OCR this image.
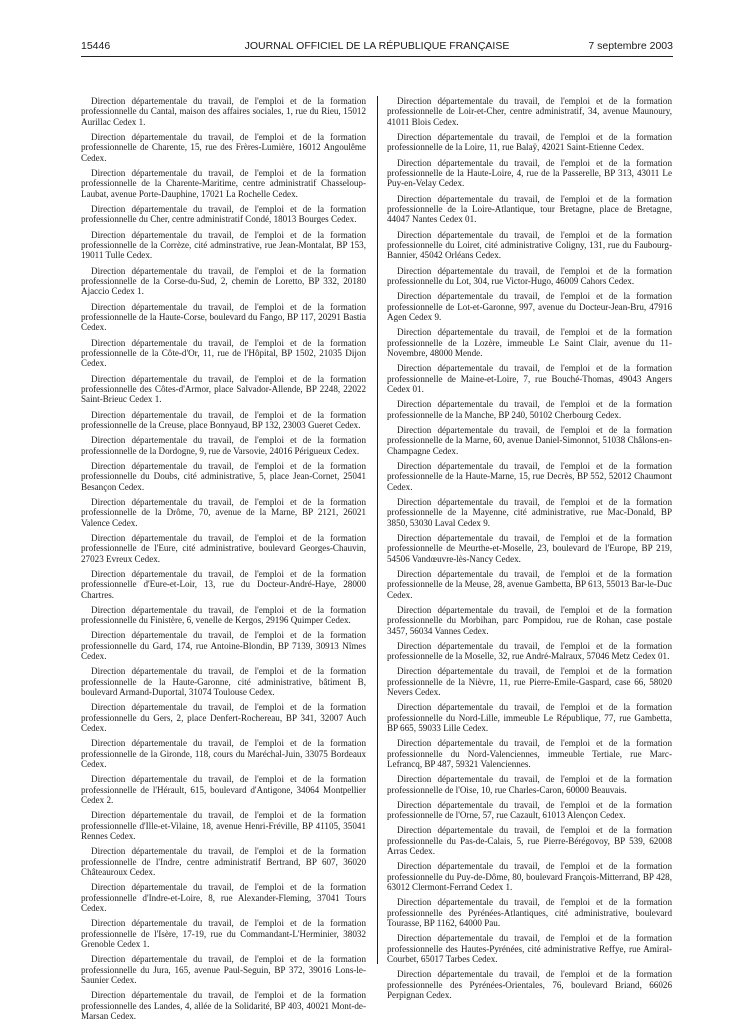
15446	JOURNAL OFFICIEL DE LA RÉPUBLIQUE FRANÇAISE	7 septembre 2003

Direction départementale du travail, de l'emploi et de la formation professionnelle du Cantal, maison des affaires sociales, 1, rue du Rieu, 15012 Aurillac Cedex 1.

Direction départementale du travail, de l'emploi et de la formation professionnelle de Charente, 15, rue des Frères-Lumière, 16012 Angoulême Cedex.

Direction départementale du travail, de l'emploi et de la formation professionnelle de la Charente-Maritime, centre administratif Chasseloup-Laubat, avenue Porte-Dauphine, 17021 La Rochelle Cedex.

Direction départementale du travail, de l'emploi et de la formation professionnelle du Cher, centre administratif Condé, 18013 Bourges Cedex.

Direction départementale du travail, de l'emploi et de la formation professionnelle de la Corrèze, cité adminstrative, rue Jean-Montalat, BP 153, 19011 Tulle Cedex.

Direction départementale du travail, de l'emploi et de la formation professionnelle de la Corse-du-Sud, 2, chemin de Loretto, BP 332, 20180 Ajaccio Cedex 1.

Direction départementale du travail, de l'emploi et de la formation professionnelle de la Haute-Corse, boulevard du Fango, BP 117, 20291 Bastia Cedex.

Direction départementale du travail, de l'emploi et de la formation professionnelle de la Côte-d'Or, 11, rue de l'Hôpital, BP 1502, 21035 Dijon Cedex.

Direction départementale du travail, de l'emploi et de la formation professionnelle des Côtes-d'Armor, place Salvador-Allende, BP 2248, 22022 Saint-Brieuc Cedex 1.

Direction départementale du travail, de l'emploi et de la formation professionnelle de la Creuse, place Bonnyaud, BP 132, 23003 Gueret Cedex.

Direction départementale du travail, de l'emploi et de la formation professionnelle de la Dordogne, 9, rue de Varsovie, 24016 Périgueux Cedex.

Direction départementale du travail, de l'emploi et de la formation professionnelle du Doubs, cité administrative, 5, place Jean-Cornet, 25041 Besançon Cedex.

Direction départementale du travail, de l'emploi et de la formation professionnelle de la Drôme, 70, avenue de la Marne, BP 2121, 26021 Valence Cedex.

Direction départementale du travail, de l'emploi et de la formation professionnelle de l'Eure, cité administrative, boulevard Georges-Chauvin, 27023 Evreux Cedex.

Direction départementale du travail, de l'emploi et de la formation professionnelle d'Eure-et-Loir, 13, rue du Docteur-André-Haye, 28000 Chartres.

Direction départementale du travail, de l'emploi et de la formation professionnelle du Finistère, 6, venelle de Kergos, 29196 Quimper Cedex.

Direction départementale du travail, de l'emploi et de la formation professionnelle du Gard, 174, rue Antoine-Blondin, BP 7139, 30913 Nîmes Cedex.

Direction départementale du travail, de l'emploi et de la formation professionnelle de la Haute-Garonne, cité administrative, bâtiment B, boulevard Armand-Duportal, 31074 Toulouse Cedex.

Direction départementale du travail, de l'emploi et de la formation professionnelle du Gers, 2, place Denfert-Rochereau, BP 341, 32007 Auch Cedex.

Direction départementale du travail, de l'emploi et de la formation professionnelle de la Gironde, 118, cours du Maréchal-Juin, 33075 Bordeaux Cedex.

Direction départementale du travail, de l'emploi et de la formation professionnelle de l'Hérault, 615, boulevard d'Antigone, 34064 Montpellier Cedex 2.

Direction départementale du travail, de l'emploi et de la formation professionnelle d'Ille-et-Vilaine, 18, avenue Henri-Fréville, BP 41105, 35041 Rennes Cedex.

Direction départementale du travail, de l'emploi et de la formation professionnelle de l'Indre, centre administratif Bertrand, BP 607, 36020 Châteauroux Cedex.

Direction départementale du travail, de l'emploi et de la formation professionnelle d'Indre-et-Loire, 8, rue Alexander-Fleming, 37041 Tours Cedex.

Direction départementale du travail, de l'emploi et de la formation professionnelle de l'Isère, 17-19, rue du Commandant-L'Herminier, 38032 Grenoble Cedex 1.

Direction départementale du travail, de l'emploi et de la formation professionnelle du Jura, 165, avenue Paul-Seguin, BP 372, 39016 Lons-le-Saunier Cedex.

Direction départementale du travail, de l'emploi et de la formation professionnelle des Landes, 4, allée de la Solidarité, BP 403, 40021 Mont-de-Marsan Cedex.

Direction départementale du travail, de l'emploi et de la formation professionnelle de Loir-et-Cher, centre administratif, 34, avenue Maunoury, 41011 Blois Cedex.

Direction départementale du travail, de l'emploi et de la formation professionnelle de la Loire, 11, rue Balaÿ, 42021 Saint-Etienne Cedex.

Direction départementale du travail, de l'emploi et de la formation professionnelle de la Haute-Loire, 4, rue de la Passerelle, BP 313, 43011 Le Puy-en-Velay Cedex.

Direction départementale du travail, de l'emploi et de la formation professionnelle de la Loire-Atlantique, tour Bretagne, place de Bretagne, 44047 Nantes Cedex 01.

Direction départementale du travail, de l'emploi et de la formation professionnelle du Loiret, cité administrative Coligny, 131, rue du Faubourg-Bannier, 45042 Orléans Cedex.

Direction départementale du travail, de l'emploi et de la formation professionnelle du Lot, 304, rue Victor-Hugo, 46009 Cahors Cedex.

Direction départementale du travail, de l'emploi et de la formation professionnelle de Lot-et-Garonne, 997, avenue du Docteur-Jean-Bru, 47916 Agen Cedex 9.

Direction départementale du travail, de l'emploi et de la formation professionnelle de la Lozère, immeuble Le Saint Clair, avenue du 11-Novembre, 48000 Mende.

Direction départementale du travail, de l'emploi et de la formation professionnelle de Maine-et-Loire, 7, rue Bouché-Thomas, 49043 Angers Cedex 01.

Direction départementale du travail, de l'emploi et de la formation professionnelle de la Manche, BP 240, 50102 Cherbourg Cedex.

Direction départementale du travail, de l'emploi et de la formation professionnelle de la Marne, 60, avenue Daniel-Simonnot, 51038 Châlons-en-Champagne Cedex.

Direction départementale du travail, de l'emploi et de la formation professionnelle de la Haute-Marne, 15, rue Decrès, BP 552, 52012 Chaumont Cedex.

Direction départementale du travail, de l'emploi et de la formation professionnelle de la Mayenne, cité administrative, rue Mac-Donald, BP 3850, 53030 Laval Cedex 9.

Direction départementale du travail, de l'emploi et de la formation professionnelle de Meurthe-et-Moselle, 23, boulevard de l'Europe, BP 219, 54506 Vandœuvre-lès-Nancy Cedex.

Direction départementale du travail, de l'emploi et de la formation professionnelle de la Meuse, 28, avenue Gambetta, BP 613, 55013 Bar-le-Duc Cedex.

Direction départementale du travail, de l'emploi et de la formation professionnelle du Morbihan, parc Pompidou, rue de Rohan, case postale 3457, 56034 Vannes Cedex.

Direction départementale du travail, de l'emploi et de la formation professionnelle de la Moselle, 32, rue André-Malraux, 57046 Metz Cedex 01.

Direction départementale du travail, de l'emploi et de la formation professionnelle de la Nièvre, 11, rue Pierre-Emile-Gaspard, case 66, 58020 Nevers Cedex.

Direction départementale du travail, de l'emploi et de la formation professionnelle du Nord-Lille, immeuble Le République, 77, rue Gambetta, BP 665, 59033 Lille Cedex.

Direction départementale du travail, de l'emploi et de la formation professionnelle du Nord-Valenciennes, immeuble Tertiale, rue Marc-Lefrancq, BP 487, 59321 Valenciennes.

Direction départementale du travail, de l'emploi et de la formation professionnelle de l'Oise, 10, rue Charles-Caron, 60000 Beauvais.

Direction départementale du travail, de l'emploi et de la formation professionnelle de l'Orne, 57, rue Cazault, 61013 Alençon Cedex.

Direction départementale du travail, de l'emploi et de la formation professionnelle du Pas-de-Calais, 5, rue Pierre-Bérégovoy, BP 539, 62008 Arras Cedex.

Direction départementale du travail, de l'emploi et de la formation professionnelle du Puy-de-Dôme, 80, boulevard François-Mitterrand, BP 428, 63012 Clermont-Ferrand Cedex 1.

Direction départementale du travail, de l'emploi et de la formation professionnelle des Pyrénées-Atlantiques, cité administrative, boulevard Tourasse, BP 1162, 64000 Pau.

Direction départementale du travail, de l'emploi et de la formation professionnelle des Hautes-Pyrénées, cité administrative Reffye, rue Amiral-Courbet, 65017 Tarbes Cedex.

Direction départementale du travail, de l'emploi et de la formation professionnelle des Pyrénées-Orientales, 76, boulevard Briand, 66026 Perpignan Cedex.
